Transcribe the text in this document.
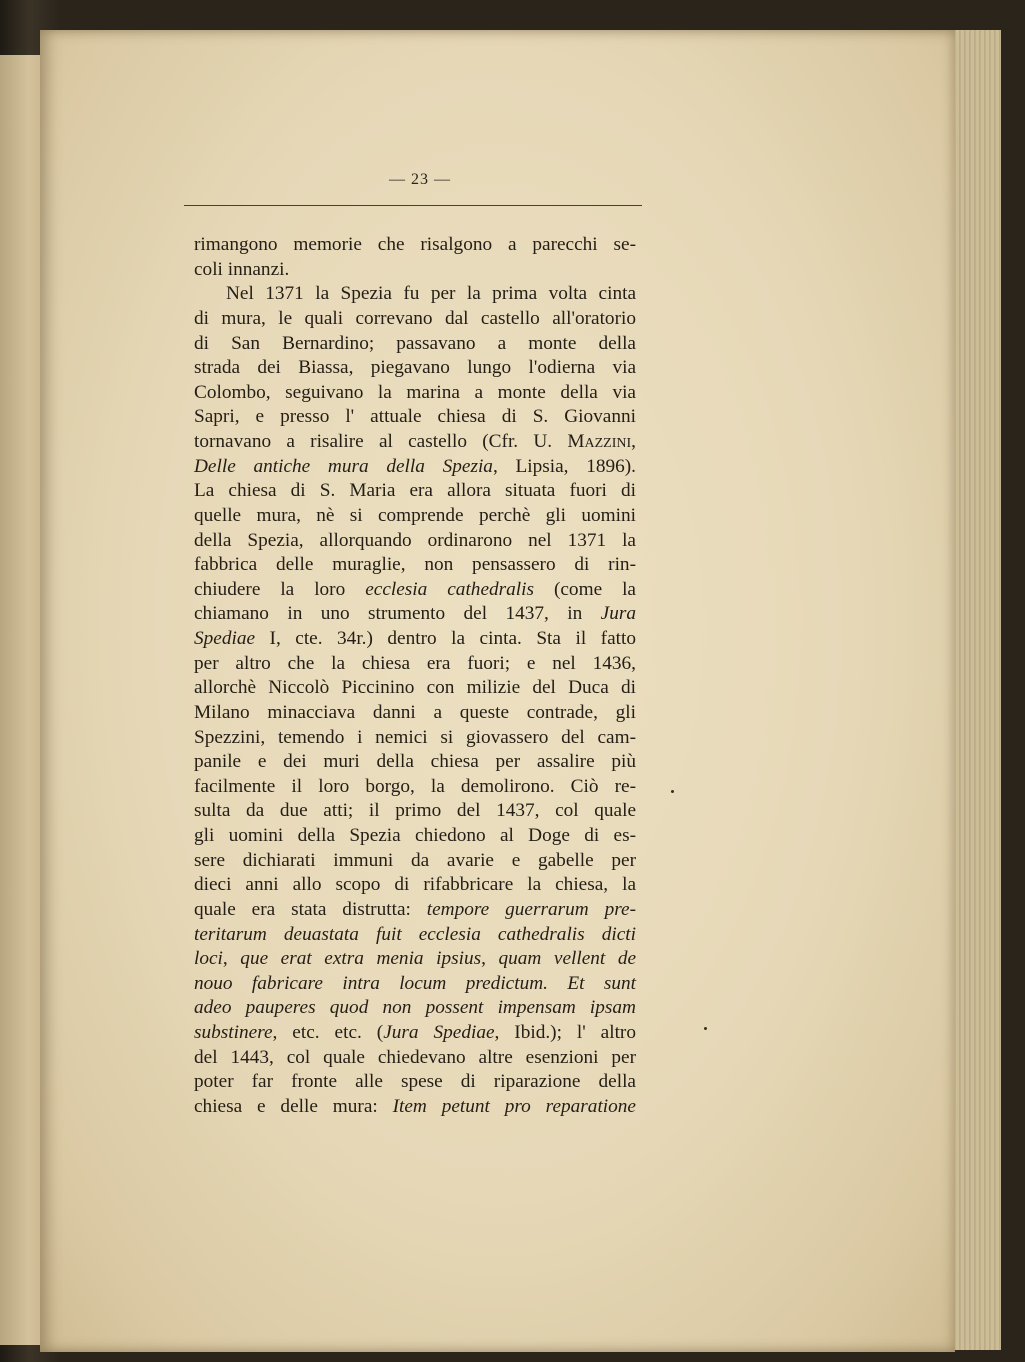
— 23 —
rimangono memorie che risalgono a parecchi se-
coli innanzi.
Nel 1371 la Spezia fu per la prima volta cinta
di mura, le quali correvano dal castello all'oratorio
di San Bernardino; passavano a monte della
strada dei Biassa, piegavano lungo l'odierna via
Colombo, seguivano la marina a monte della via
Sapri, e presso l' attuale chiesa di S. Giovanni
tornavano a risalire al castello (Cfr. U. Mazzini,
Delle antiche mura della Spezia, Lipsia, 1896).
La chiesa di S. Maria era allora situata fuori di
quelle mura, nè si comprende perchè gli uomini
della Spezia, allorquando ordinarono nel 1371 la
fabbrica delle muraglie, non pensassero di rin-
chiudere la loro ecclesia cathedralis (come la
chiamano in uno strumento del 1437, in Jura
Spediae I, cte. 34r.) dentro la cinta. Sta il fatto
per altro che la chiesa era fuori; e nel 1436,
allorchè Niccolò Piccinino con milizie del Duca di
Milano minacciava danni a queste contrade, gli
Spezzini, temendo i nemici si giovassero del cam-
panile e dei muri della chiesa per assalire più
facilmente il loro borgo, la demolirono. Ciò re-
sulta da due atti; il primo del 1437, col quale
gli uomini della Spezia chiedono al Doge di es-
sere dichiarati immuni da avarie e gabelle per
dieci anni allo scopo di rifabbricare la chiesa, la
quale era stata distrutta: tempore guerrarum pre-
teritarum deuastata fuit ecclesia cathedralis dicti
loci, que erat extra menia ipsius, quam vellent de
nouo fabricare intra locum predictum. Et sunt
adeo pauperes quod non possent impensam ipsam
substinere, etc. etc. (Jura Spediae, Ibid.); l' altro
del 1443, col quale chiedevano altre esenzioni per
poter far fronte alle spese di riparazione della
chiesa e delle mura: Item petunt pro reparatione
